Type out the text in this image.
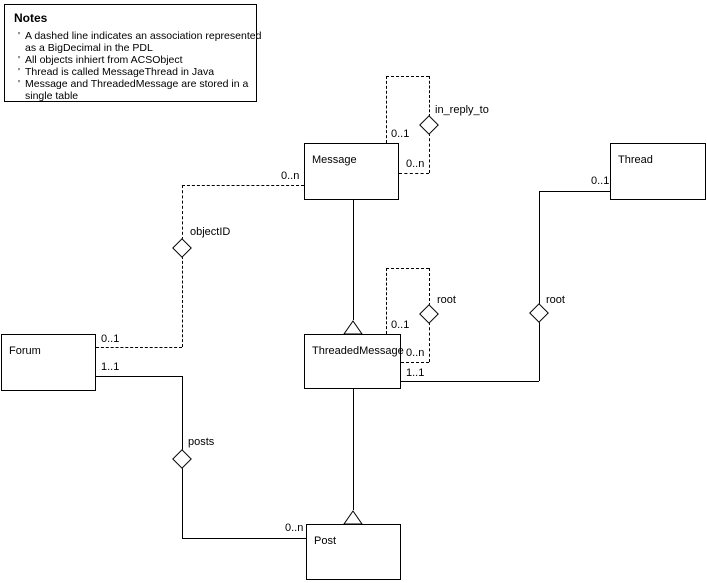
Message	Thread
Forum	ThreadedMessage
Post
in_reply_to
objectID
root	root
posts
0..1
0..n
0..n
0..1
0..1
0..n
0..1
1..1
1..1
0..n
Notes
' A dashed line indicates an association represented
as a BigDecimal in the PDL
' All objects inhiert from ACSObject
' Thread is called MessageThread in Java
' Message and ThreadedMessage are stored in a
single table
